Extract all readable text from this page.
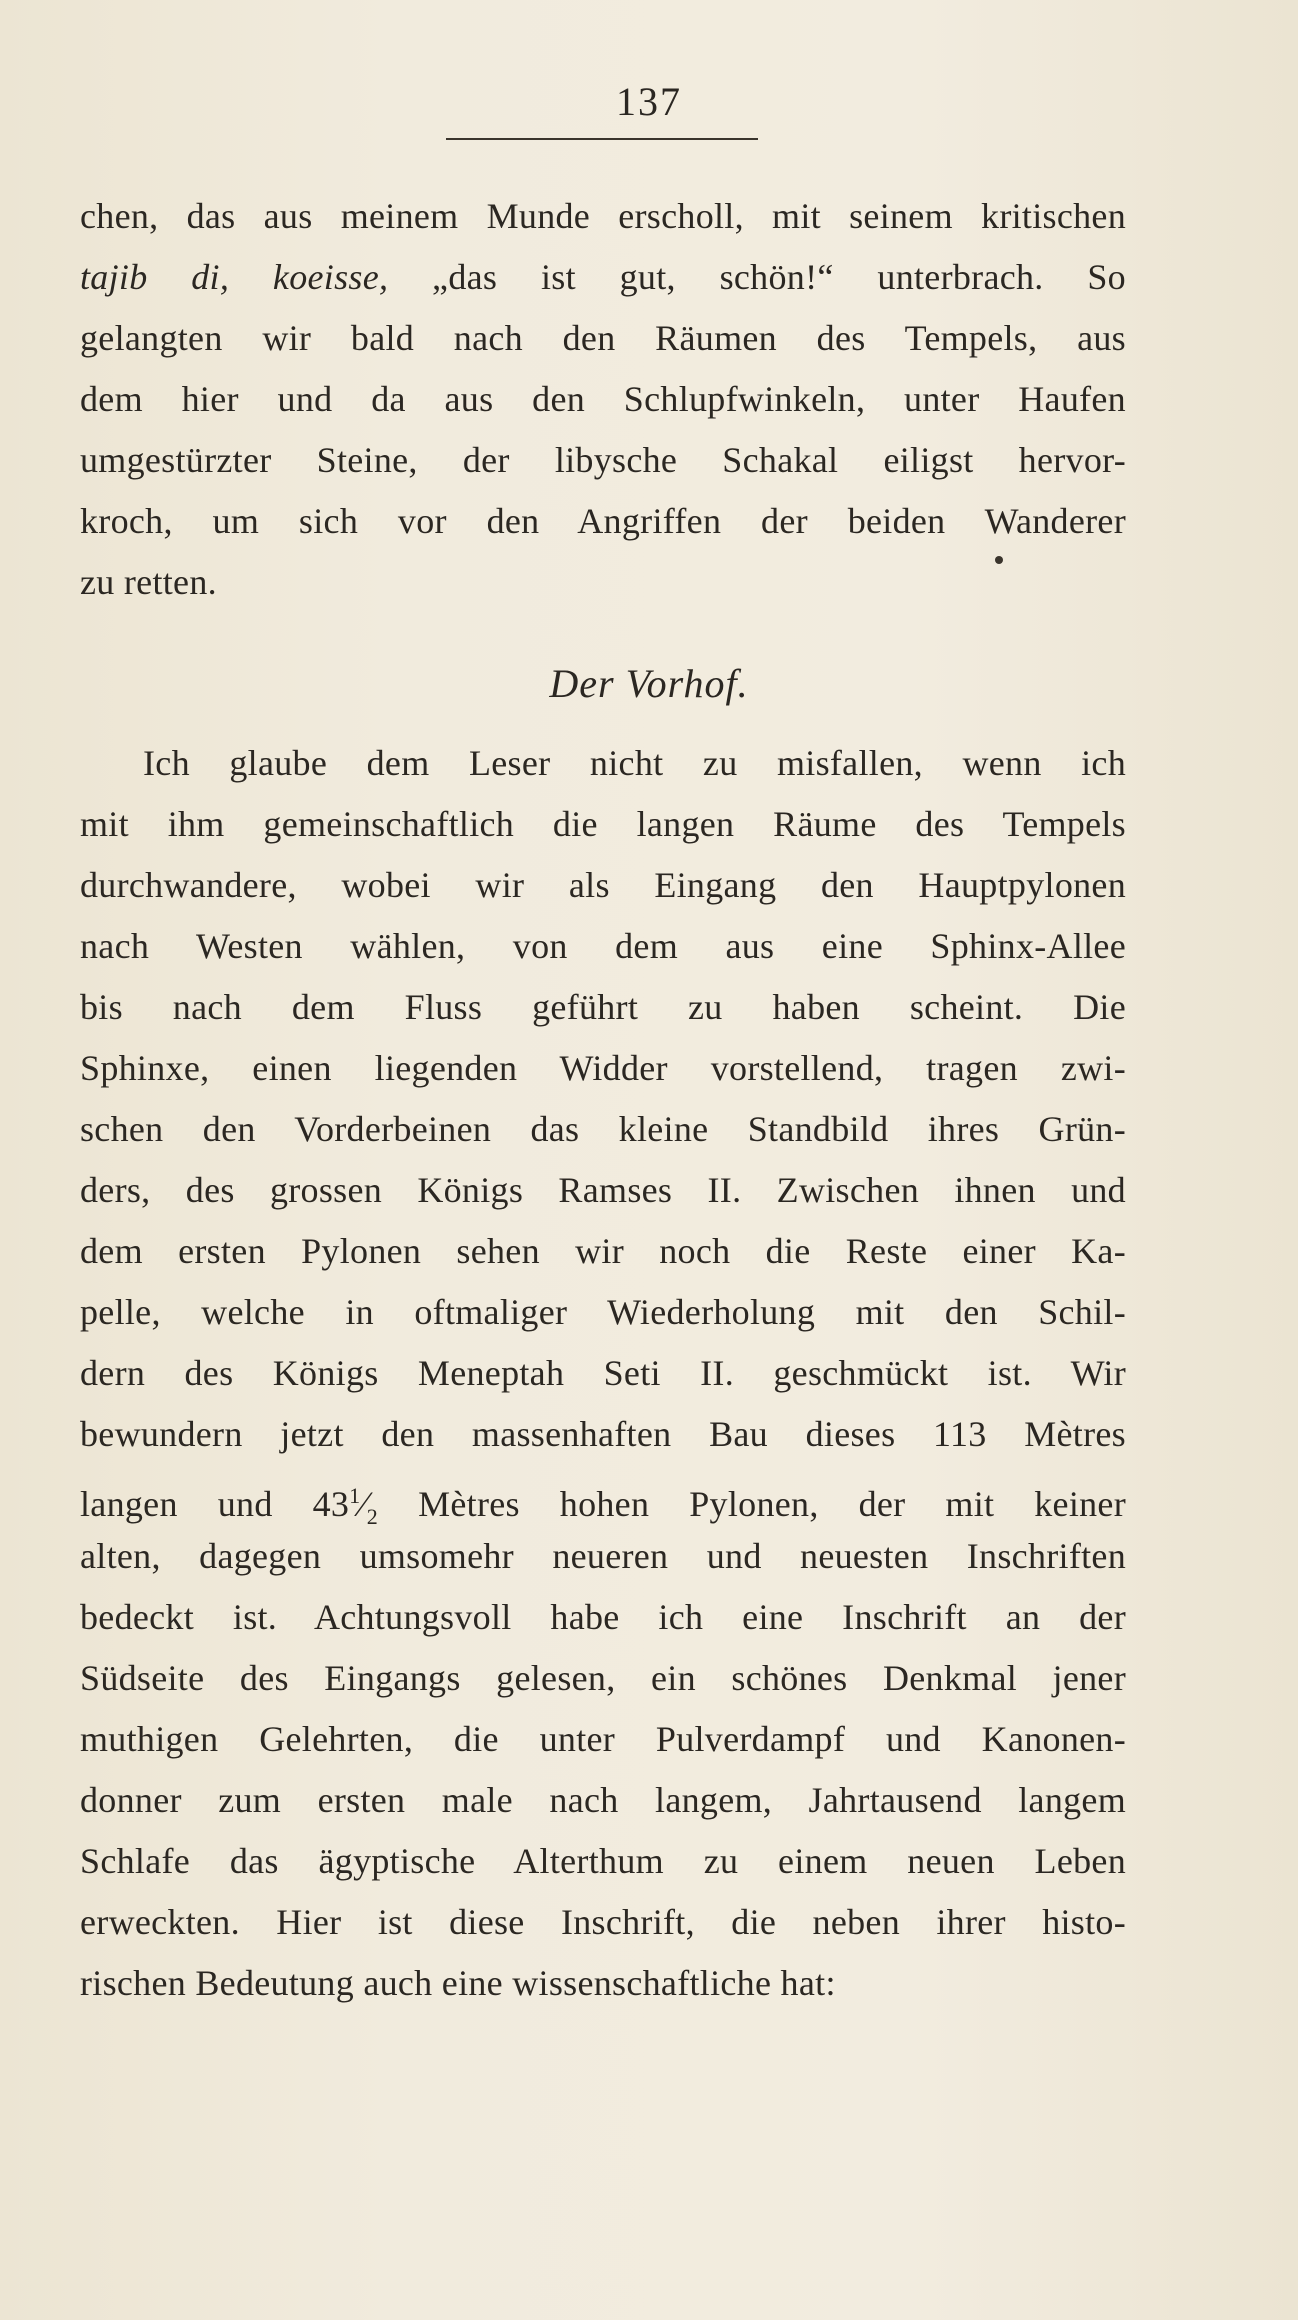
137
chen, das aus meinem Munde erscholl, mit seinem kritischen
tajib di, koeisse, „das ist gut, schön!“ unterbrach. So
gelangten wir bald nach den Räumen des Tempels, aus
dem hier und da aus den Schlupfwinkeln, unter Haufen
umgestürzter Steine, der libysche Schakal eiligst hervor-
kroch, um sich vor den Angriffen der beiden Wanderer
zu retten.
Der Vorhof.
Ich glaube dem Leser nicht zu misfallen, wenn ich
mit ihm gemeinschaftlich die langen Räume des Tempels
durchwandere, wobei wir als Eingang den Hauptpylonen
nach Westen wählen, von dem aus eine Sphinx-Allee
bis nach dem Fluss geführt zu haben scheint. Die
Sphinxe, einen liegenden Widder vorstellend, tragen zwi-
schen den Vorderbeinen das kleine Standbild ihres Grün-
ders, des grossen Königs Ramses II. Zwischen ihnen und
dem ersten Pylonen sehen wir noch die Reste einer Ka-
pelle, welche in oftmaliger Wiederholung mit den Schil-
dern des Königs Meneptah Seti II. geschmückt ist. Wir
bewundern jetzt den massenhaften Bau dieses 113 Mètres
langen und $43^1⁄_2$ Mètres hohen Pylonen, der mit keiner
alten, dagegen umsomehr neueren und neuesten Inschriften
bedeckt ist. Achtungsvoll habe ich eine Inschrift an der
Südseite des Eingangs gelesen, ein schönes Denkmal jener
muthigen Gelehrten, die unter Pulverdampf und Kanonen-
donner zum ersten male nach langem, Jahrtausend langem
Schlafe das ägyptische Alterthum zu einem neuen Leben
erweckten. Hier ist diese Inschrift, die neben ihrer histo-
rischen Bedeutung auch eine wissenschaftliche hat:
